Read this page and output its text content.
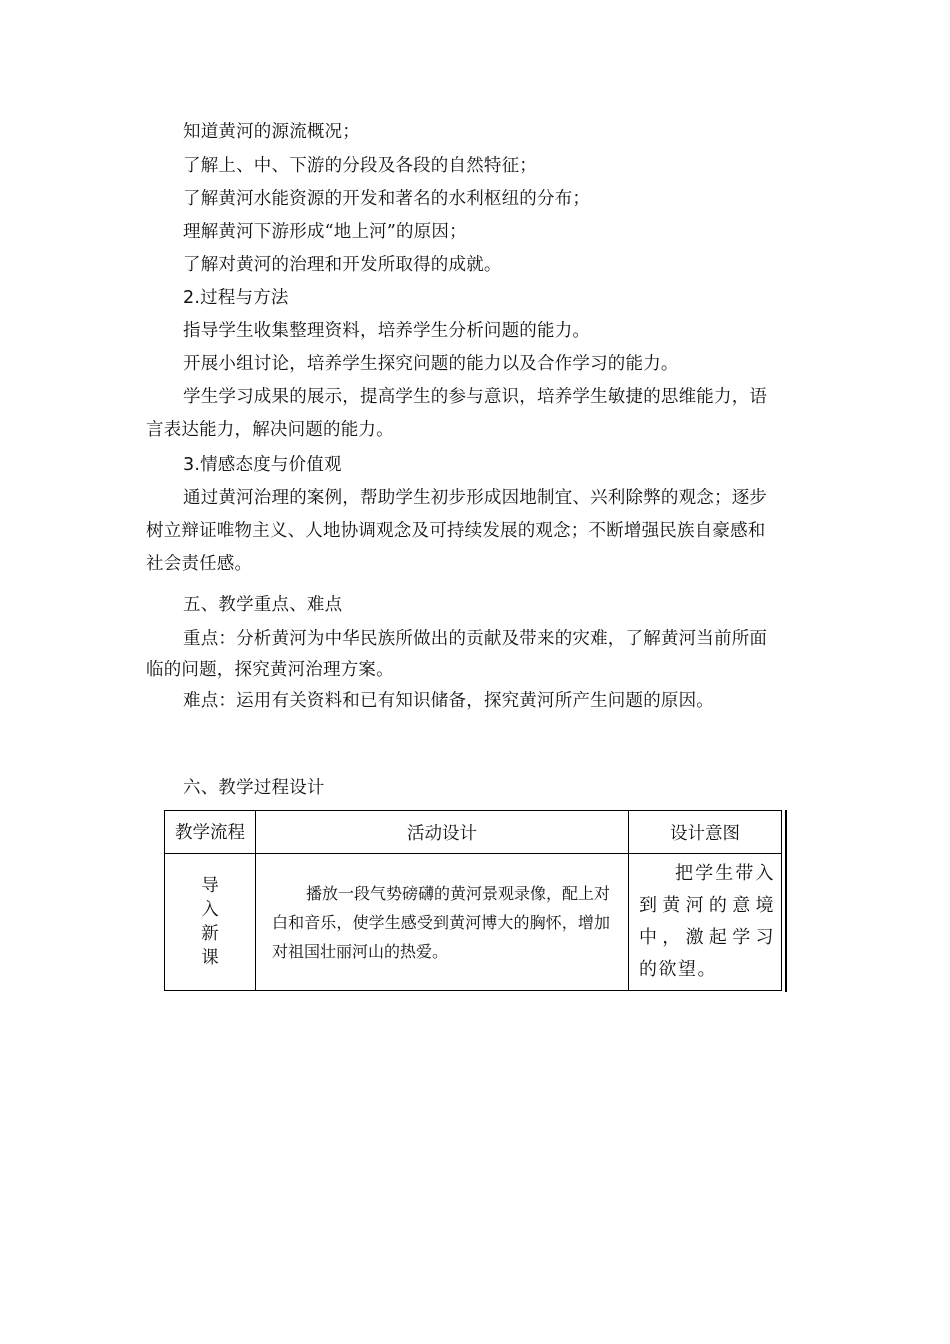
知道黄河的源流概况；
了解上、中、下游的分段及各段的自然特征；
了解黄河水能资源的开发和著名的水利枢纽的分布；
理解黄河下游形成“地上河”的原因；
了解对黄河的治理和开发所取得的成就。
2.过程与方法
指导学生收集整理资料，培养学生分析问题的能力。
开展小组讨论，培养学生探究问题的能力以及合作学习的能力。
学生学习成果的展示，提高学生的参与意识，培养学生敏捷的思维能力，语
言表达能力，解决问题的能力。
3.情感态度与价值观
通过黄河治理的案例，帮助学生初步形成因地制宜、兴利除弊的观念；逐步
树立辩证唯物主义、人地协调观念及可持续发展的观念；不断增强民族自豪感和
社会责任感。
五、教学重点、难点
重点：分析黄河为中华民族所做出的贡献及带来的灾难，了解黄河当前所面
临的问题，探究黄河治理方案。
难点：运用有关资料和已有知识储备，探究黄河所产生问题的原因。
六、教学过程设计
教学流程	活动设计	设计意图

导
入
新
课	播放一段气势磅礴的黄河景观录像，配上对白和音乐，使学生感受到黄河博大的胸怀，增加对祖国壮丽河山的热爱。	把学生带入到黄河的意境中，激起学习的欲望。
